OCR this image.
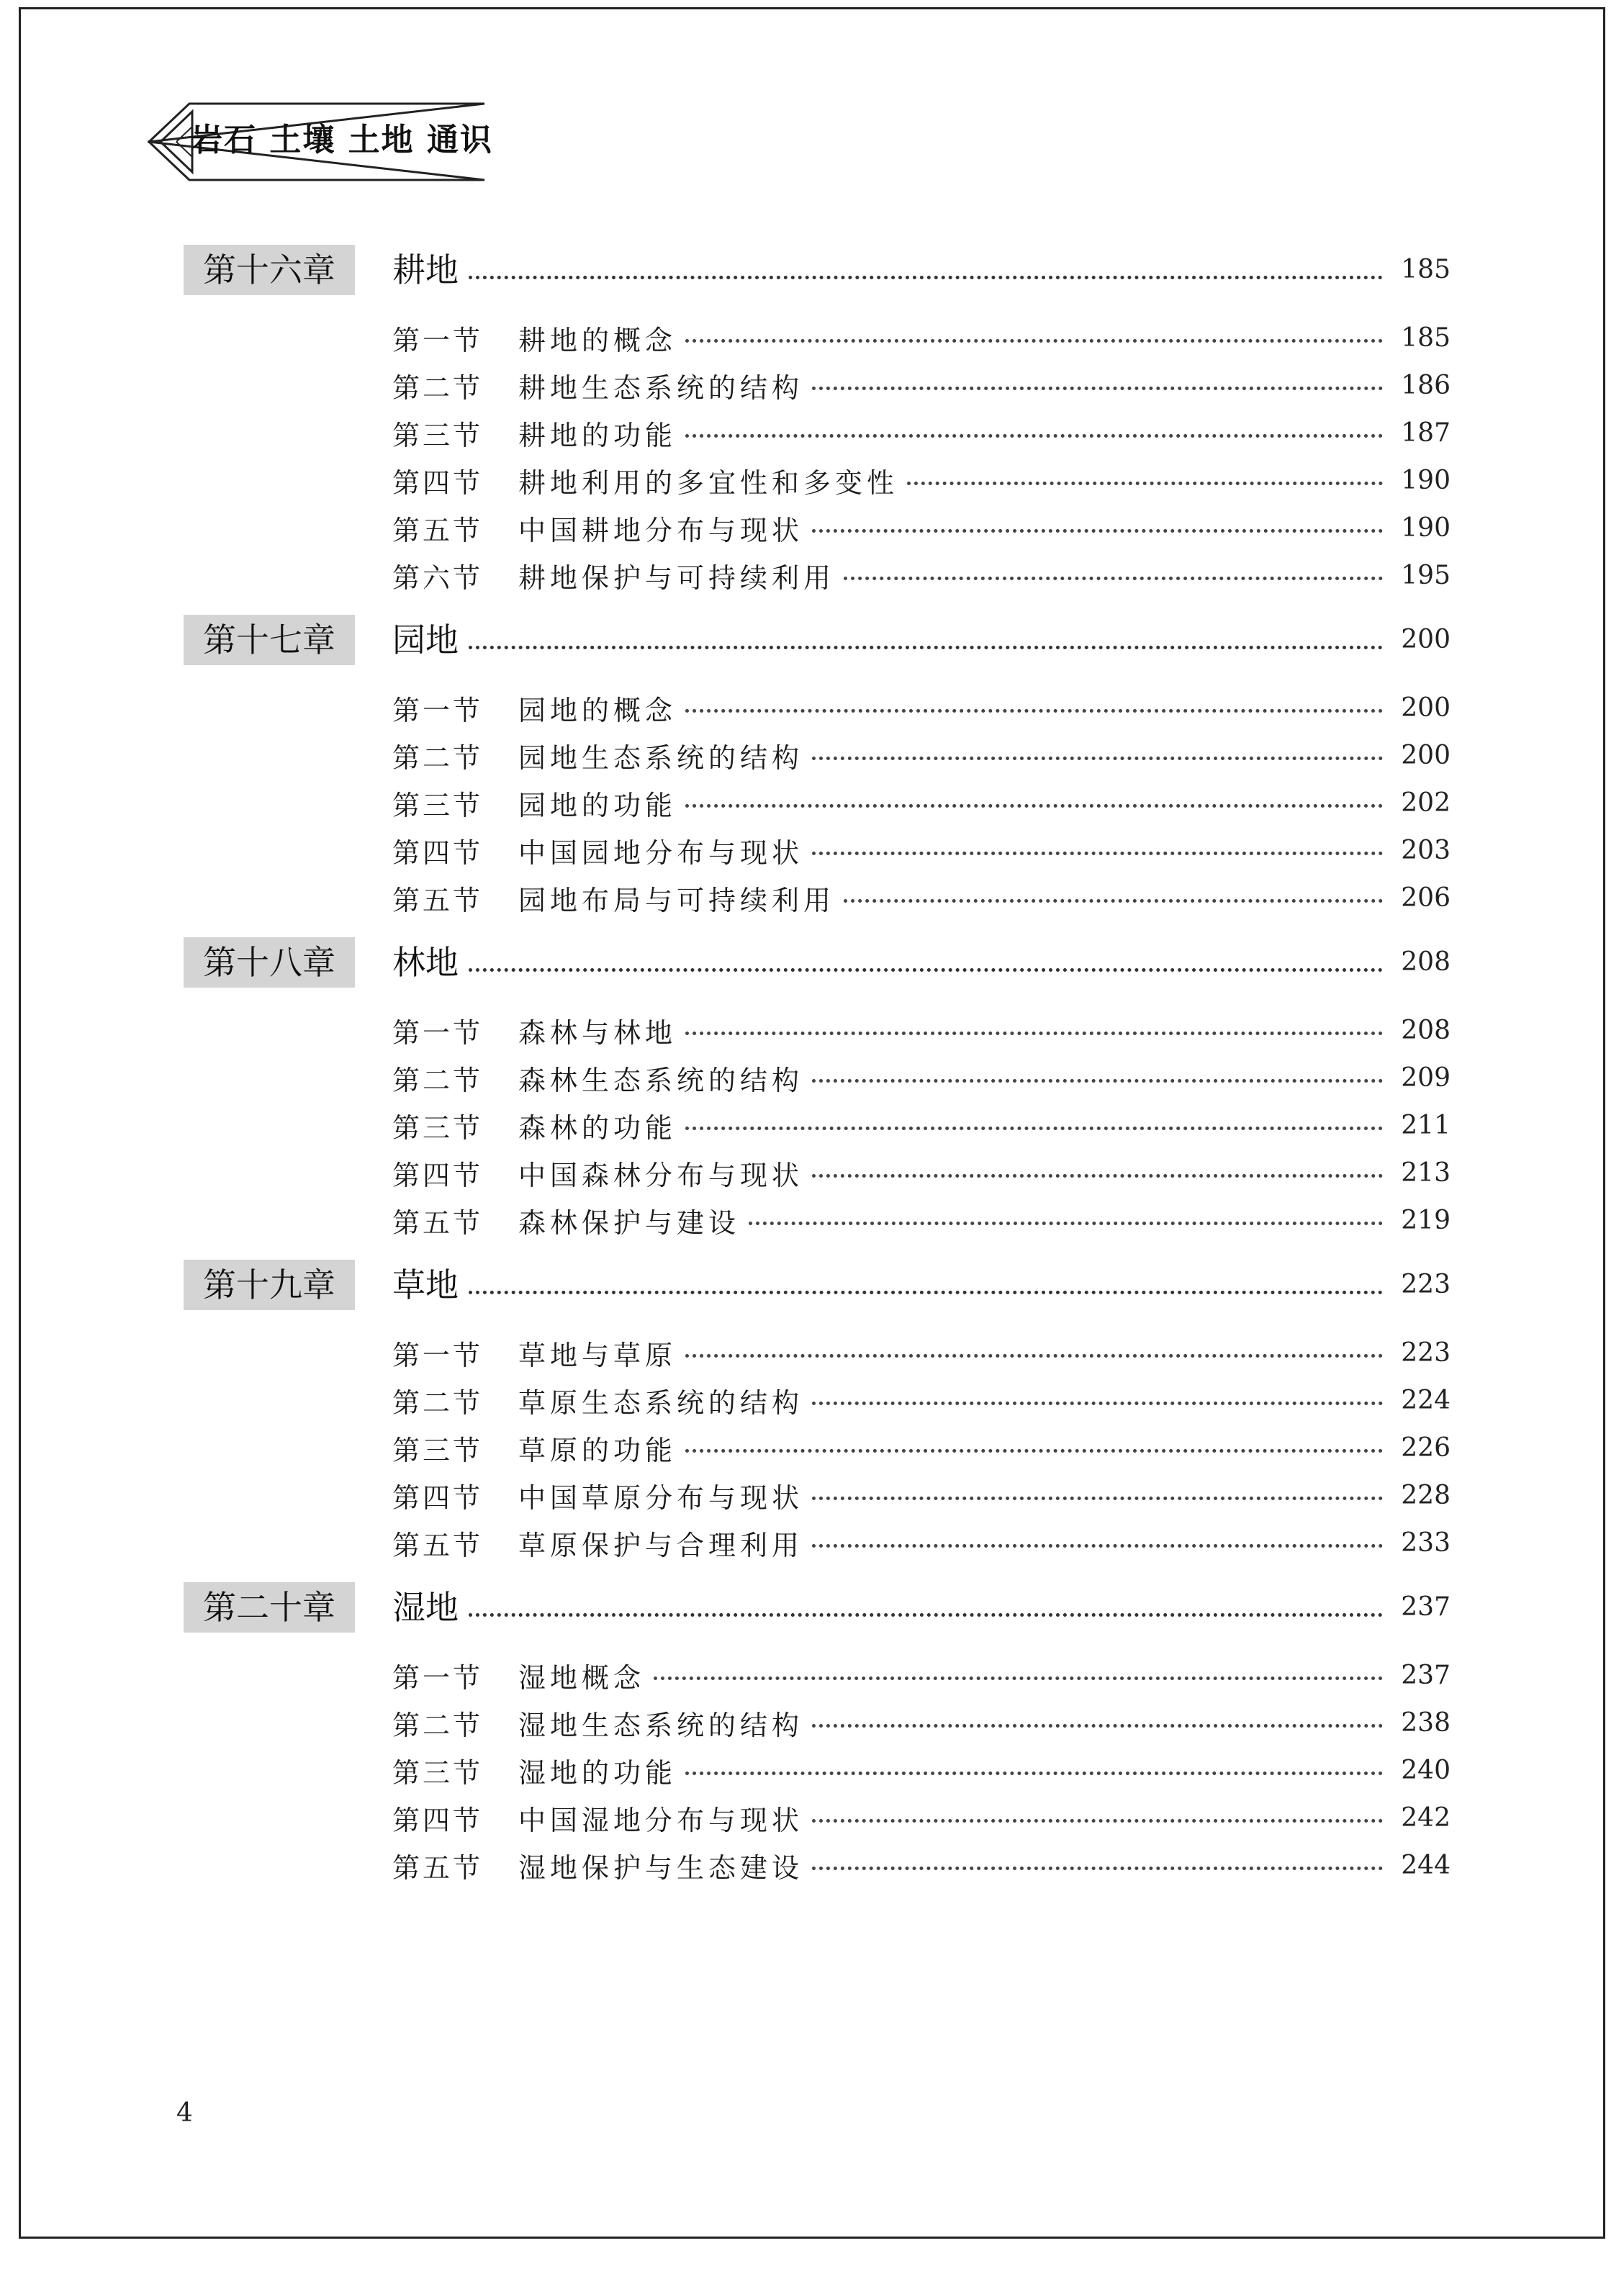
岩石 土壤 土地 通识
第十六章	耕地	185
第一节	耕地的概念	185
第二节	耕地生态系统的结构	186
第三节	耕地的功能	187
第四节	耕地利用的多宜性和多变性	190
第五节	中国耕地分布与现状	190
第六节	耕地保护与可持续利用	195
第十七章	园地	200
第一节	园地的概念	200
第二节	园地生态系统的结构	200
第三节	园地的功能	202
第四节	中国园地分布与现状	203
第五节	园地布局与可持续利用	206
第十八章	林地	208
第一节	森林与林地	208
第二节	森林生态系统的结构	209
第三节	森林的功能	211
第四节	中国森林分布与现状	213
第五节	森林保护与建设	219
第十九章	草地	223
第一节	草地与草原	223
第二节	草原生态系统的结构	224
第三节	草原的功能	226
第四节	中国草原分布与现状	228
第五节	草原保护与合理利用	233
第二十章	湿地	237
第一节	湿地概念	237
第二节	湿地生态系统的结构	238
第三节	湿地的功能	240
第四节	中国湿地分布与现状	242
第五节	湿地保护与生态建设	244
4
